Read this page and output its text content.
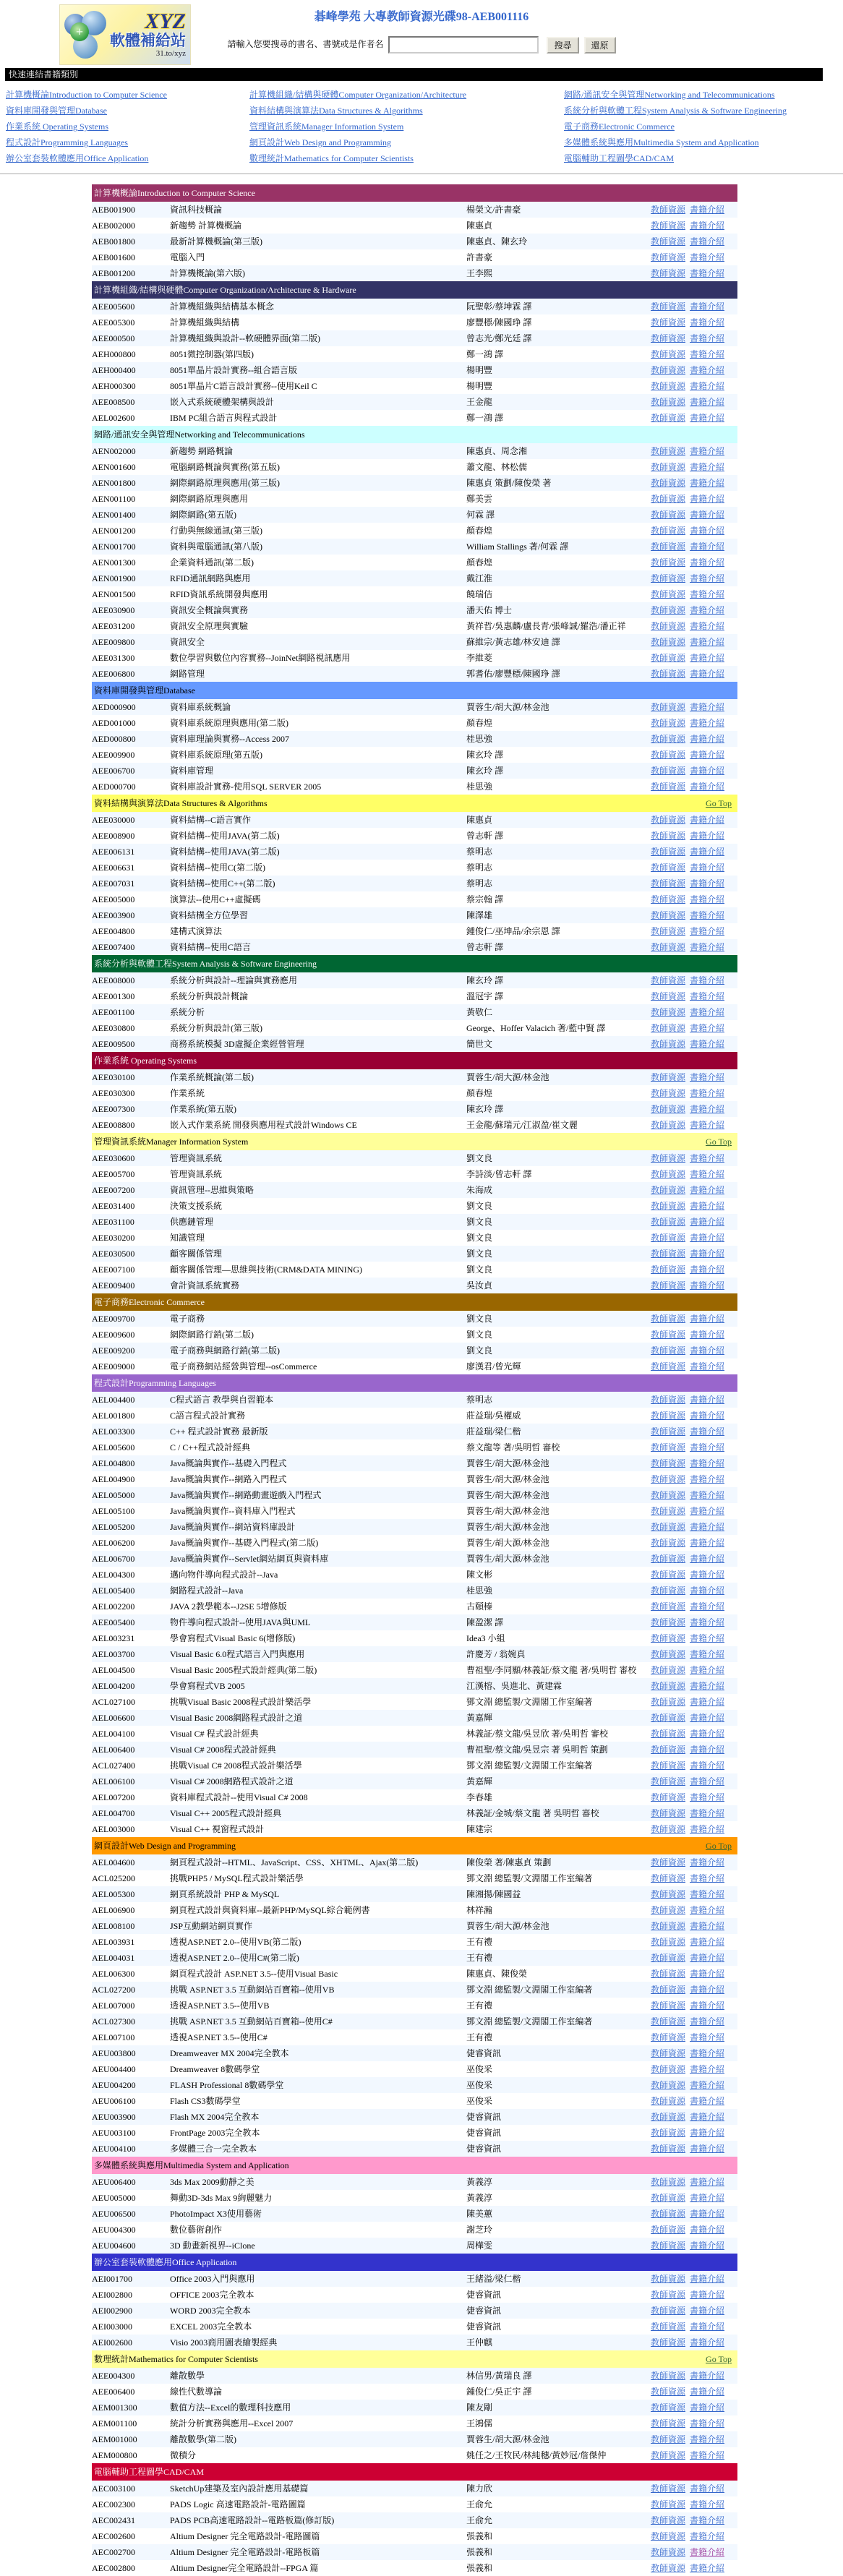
+	XYZ
軟體補給站
31.to/xyz
碁峰學苑 大專教師資源光碟98-AEB001116
請輸入您要搜尋的書名、書號或是作者名	搜尋 還原
快速連結書籍類別
計算機概論Introduction to Computer Science	計算機組織/結構與硬體Computer Organization/Architecture	網路/通訊安全與管理Networking and Telecommunications
資料庫開發與管理Database	資料結構與演算法Data Structures & Algorithms	系統分析與軟體工程System Analysis & Software Engineering
作業系統 Operating Systems	管理資訊系統Manager Information System	電子商務Electronic Commerce
程式設計Programming Languages	網頁設計Web Design and Programming	多媒體系統與應用Multimedia System and Application
辦公室套裝軟體應用Office Application	數理統計Mathematics for Computer Scientists	電腦輔助工程圖學CAD/CAM
計算機概論Introduction to Computer Science
AEB001900	資訊科技概論	楊榮文/許書豪	教師資源 書籍介紹
AEB002000	新趨勢 計算機概論	陳惠貞	教師資源 書籍介紹
AEB001800	最新計算機概論(第三版)	陳惠貞、陳玄玲	教師資源 書籍介紹
AEB001600	電腦入門	許書豪	教師資源 書籍介紹
AEB001200	計算機概論(第六版)	王李熙	教師資源 書籍介紹
計算機組織/結構與硬體Computer Organization/Architecture & Hardware
AEE005600	計算機組織與結構基本概念	阮聖彰/蔡坤霖 譯	教師資源 書籍介紹
AEE005300	計算機組織與結構	廖豐標/陳國琤 譯	教師資源 書籍介紹
AEE000500	計算機組織與設計--軟硬體界面(第二版)	曾志光/鄭光廷 譯	教師資源 書籍介紹
AEH000800	8051微控制器(第四版)	鄭一鴻 譯	教師資源 書籍介紹
AEH000400	8051單晶片設計實務--組合語言版	楊明豐	教師資源 書籍介紹
AEH000300	8051單晶片C語言設計實務--使用Keil C	楊明豐	教師資源 書籍介紹
AEE008500	嵌入式系統硬體架構與設計	王金龍	教師資源 書籍介紹
AEL002600	IBM PC組合語言與程式設計	鄭一鴻 譯	教師資源 書籍介紹
網路/通訊安全與管理Networking and Telecommunications
AEN002000	新趨勢 網路概論	陳惠貞、周念湘	教師資源 書籍介紹
AEN001600	電腦網路概論與實務(第五版)	蕭文龍、林松儒	教師資源 書籍介紹
AEN001800	網際網路原理與應用(第三版)	陳惠貞 策劃/陳俊榮 著	教師資源 書籍介紹
AEN001100	網際網路原理與應用	鄭美雲	教師資源 書籍介紹
AEN001400	網際網路(第五版)	何霖 譯	教師資源 書籍介紹
AEN001200	行動與無線通訊(第三版)	顏春煌	教師資源 書籍介紹
AEN001700	資料與電腦通訊(第八版)	William Stallings 著/何霖 譯	教師資源 書籍介紹
AEN001300	企業資料通訊(第二版)	顏春煌	教師資源 書籍介紹
AEN001900	RFID通訊網路與應用	戴江淮	教師資源 書籍介紹
AEN001500	RFID資訊系統開發與應用	饒瑞佶	教師資源 書籍介紹
AEE030900	資訊安全概論與實務	潘天佑 博士	教師資源 書籍介紹
AEE031200	資訊安全原理與實驗	黃祥哲/吳惠麟/盧長青/張峰誠/羅浩/潘正祥	教師資源 書籍介紹
AEE009800	資訊安全	蘇維宗/黃志雄/林安迪 譯	教師資源 書籍介紹
AEE031300	數位學習與數位內容實務--JoinNet網路視訊應用	李維菱	教師資源 書籍介紹
AEE006800	網路管理	郭耆佑/廖豐標/陳國琤 譯	教師資源 書籍介紹
資料庫開發與管理Database
AED000900	資料庫系統概論	賈蓉生/胡大源/林金池	教師資源 書籍介紹
AED001000	資料庫系統原理與應用(第二版)	顏春煌	教師資源 書籍介紹
AED000800	資料庫理論與實務--Access 2007	桂思強	教師資源 書籍介紹
AEE009900	資料庫系統原理(第五版)	陳玄玲 譯	教師資源 書籍介紹
AEE006700	資料庫管理	陳玄玲 譯	教師資源 書籍介紹
AED000700	資料庫設計實務-使用SQL SERVER 2005	桂思強	教師資源 書籍介紹
資料結構與演算法Data Structures & Algorithms	Go Top
AEE030000	資料結構--C語言實作	陳惠貞	教師資源 書籍介紹
AEE008900	資料結構--使用JAVA(第二版)	曾志軒 譯	教師資源 書籍介紹
AEE006131	資料結構--使用JAVA(第二版)	蔡明志	教師資源 書籍介紹
AEE006631	資料結構--使用C(第二版)	蔡明志	教師資源 書籍介紹
AEE007031	資料結構--使用C++(第二版)	蔡明志	教師資源 書籍介紹
AEE005000	演算法--使用C++虛擬碼	蔡宗翰 譯	教師資源 書籍介紹
AEE003900	資料結構全方位學習	陳澤雄	教師資源 書籍介紹
AEE004800	建構式演算法	鍾俊仁/巫坤品/余宗恩 譯	教師資源 書籍介紹
AEE007400	資料結構--使用C語言	曾志軒 譯	教師資源 書籍介紹
系統分析與軟體工程System Analysis & Software Engineering
AEE008000	系統分析與設計--理論與實務應用	陳玄玲 譯	教師資源 書籍介紹
AEE001300	系統分析與設計概論	溫冠宇 譯	教師資源 書籍介紹
AEE001100	系統分析	黃敬仁	教師資源 書籍介紹
AEE030800	系統分析與設計(第三版)	George、Hoffer Valacich 著/藍中賢 譯	教師資源 書籍介紹
AEE009500	商務系統模擬 3D虛擬企業經營管理	簡世文	教師資源 書籍介紹
作業系統 Operating Systems
AEE030100	作業系統概論(第二版)	賈蓉生/胡大源/林金池	教師資源 書籍介紹
AEE030300	作業系統	顏春煌	教師資源 書籍介紹
AEE007300	作業系統(第五版)	陳玄玲 譯	教師資源 書籍介紹
AEE008800	嵌入式作業系統 開發與應用程式設計Windows CE	王金龍/蘇瑞元/江淑盈/崔文麗	教師資源 書籍介紹
管理資訊系統Manager Information System	Go Top
AEE030600	管理資訊系統	劉文良	教師資源 書籍介紹
AEE005700	管理資訊系統	李詩淡/曾志軒 譯	教師資源 書籍介紹
AEE007200	資訊管理--思維與策略	朱海成	教師資源 書籍介紹
AEE031400	決策支援系統	劉文良	教師資源 書籍介紹
AEE031100	供應鏈管理	劉文良	教師資源 書籍介紹
AEE030200	知識管理	劉文良	教師資源 書籍介紹
AEE030500	顧客關係管理	劉文良	教師資源 書籍介紹
AEE007100	顧客關係管理—思維與技術(CRM&DATA MINING)	劉文良	教師資源 書籍介紹
AEE009400	會計資訊系統實務	吳汝貞	教師資源 書籍介紹
電子商務Electronic Commerce
AEE009700	電子商務	劉文良	教師資源 書籍介紹
AEE009600	網際網路行銷(第二版)	劉文良	教師資源 書籍介紹
AEE009200	電子商務與網路行銷(第二版)	劉文良	教師資源 書籍介紹
AEE009000	電子商務網站經營與管理--osCommerce	廖漢君/曾光輝	教師資源 書籍介紹
程式設計Programming Languages
AEL004400	C程式語言 教學與自習範本	蔡明志	教師資源 書籍介紹
AEL001800	C語言程式設計實務	莊益瑞/吳權威	教師資源 書籍介紹
AEL003300	C++ 程式設計實務 最新版	莊益瑞/梁仁楷	教師資源 書籍介紹
AEL005600	C / C++程式設計經典	蔡文龍等 著/吳明哲 審校	教師資源 書籍介紹
AEL004800	Java概論與實作--基礎入門程式	賈蓉生/胡大源/林金池	教師資源 書籍介紹
AEL004900	Java概論與實作--網路入門程式	賈蓉生/胡大源/林金池	教師資源 書籍介紹
AEL005000	Java概論與實作--網路動畫遊戲入門程式	賈蓉生/胡大源/林金池	教師資源 書籍介紹
AEL005100	Java概論與實作--資料庫入門程式	賈蓉生/胡大源/林金池	教師資源 書籍介紹
AEL005200	Java概論與實作--網站資料庫設計	賈蓉生/胡大源/林金池	教師資源 書籍介紹
AEL006200	Java概論與實作--基礎入門程式(第二版)	賈蓉生/胡大源/林金池	教師資源 書籍介紹
AEL006700	Java概論與實作--Servlet網站網頁與資料庫	賈蓉生/胡大源/林金池	教師資源 書籍介紹
AEL004300	邁向物件導向程式設計--Java	陳文彬	教師資源 書籍介紹
AEL005400	網路程式設計--Java	桂思強	教師資源 書籍介紹
AEL002200	JAVA 2教學範本--J2SE 5增修版	古頤榛	教師資源 書籍介紹
AEE005400	物件導向程式設計--使用JAVA與UML	陳盈潔 譯	教師資源 書籍介紹
AEL003231	學會寫程式Visual Basic 6(增修版)	Idea3 小組	教師資源 書籍介紹
AEL003700	Visual Basic 6.0程式語言入門與應用	許慶芳 / 翁婉真	教師資源 書籍介紹
AEL004500	Visual Basic 2005程式設計經典(第二版)	曹祖聖/李同顯/林義証/蔡文龍 著/吳明哲 審校	教師資源 書籍介紹
AEL004200	學會寫程式VB 2005	江漢榕、吳進北、黃建霖	教師資源 書籍介紹
ACL027100	挑戰Visual Basic 2008程式設計樂活學	鄧文淵 總監製/文淵閣工作室編著	教師資源 書籍介紹
AEL006600	Visual Basic 2008網路程式設計之道	黃嘉輝	教師資源 書籍介紹
AEL004100	Visual C# 程式設計經典	林義証/蔡文龍/吳昱欣 著/吳明哲 審校	教師資源 書籍介紹
AEL006400	Visual C# 2008程式設計經典	曹祖聖/蔡文龍/吳昱宗 著 吳明哲 策劃	教師資源 書籍介紹
ACL027400	挑戰Visual C# 2008程式設計樂活學	鄧文淵 總監製/文淵閣工作室編著	教師資源 書籍介紹
AEL006100	Visual C# 2008網路程式設計之道	黃嘉輝	教師資源 書籍介紹
AEL007200	資料庫程式設計--使用Visual C# 2008	李春雄	教師資源 書籍介紹
AEL004700	Visual C++ 2005程式設計經典	林義証/金城/蔡文龍 著 吳明哲 審校	教師資源 書籍介紹
AEL003000	Visual C++ 視窗程式設計	陳建宗	教師資源 書籍介紹
網頁設計Web Design and Programming	Go Top
AEL004600	網頁程式設計--HTML、JavaScript、CSS、XHTML、Ajax(第二版)	陳俊榮 著/陳惠貞 策劃	教師資源 書籍介紹
ACL025200	挑戰PHP5 / MySQL程式設計樂活學	鄧文淵 總監製/文淵閣工作室編著	教師資源 書籍介紹
AEL005300	網頁系統設計 PHP & MySQL	陳湘揚/陳國益	教師資源 書籍介紹
AEL006900	網頁程式設計與資料庫--最新PHP/MySQL綜合範例書	林祥瀚	教師資源 書籍介紹
AEL008100	JSP互動網站網頁實作	賈蓉生/胡大源/林金池	教師資源 書籍介紹
AEL003931	透視ASP.NET 2.0--使用VB(第二版)	王有禮	教師資源 書籍介紹
AEL004031	透視ASP.NET 2.0--使用C#(第二版)	王有禮	教師資源 書籍介紹
AEL006300	網頁程式設計 ASP.NET 3.5--使用Visual Basic	陳惠貞、陳俊榮	教師資源 書籍介紹
ACL027200	挑戰 ASP.NET 3.5 互動網站百寶箱--使用VB	鄧文淵 總監製/文淵閣工作室編著	教師資源 書籍介紹
AEL007000	透視ASP.NET 3.5--使用VB	王有禮	教師資源 書籍介紹
ACL027300	挑戰 ASP.NET 3.5 互動網站百寶箱--使用C#	鄧文淵 總監製/文淵閣工作室編著	教師資源 書籍介紹
AEL007100	透視ASP.NET 3.5--使用C#	王有禮	教師資源 書籍介紹
AEU003800	Dreamweaver MX 2004完全教本	倢睿資訊	教師資源 書籍介紹
AEU004400	Dreamweaver 8數碼學堂	巫俊采	教師資源 書籍介紹
AEU004200	FLASH Professional 8數碼學堂	巫俊采	教師資源 書籍介紹
AEU006100	Flash CS3數碼學堂	巫俊采	教師資源 書籍介紹
AEU003900	Flash MX 2004完全教本	倢睿資訊	教師資源 書籍介紹
AEU003100	FrontPage 2003完全教本	倢睿資訊	教師資源 書籍介紹
AEU004100	多媒體三合一完全教本	倢睿資訊	教師資源 書籍介紹
多媒體系統與應用Multimedia System and Application
AEU006400	3ds Max 2009動靜之美	黃義淳	教師資源 書籍介紹
AEU005000	舞動3D-3ds Max 9絢麗魅力	黃義淳	教師資源 書籍介紹
AEU006500	PhotoImpact X3使用藝術	陳美蕙	教師資源 書籍介紹
AEU004300	數位藝術創作	謝芝玲	教師資源 書籍介紹
AEU004600	3D 動畫新視界--iClone	周樺雯	教師資源 書籍介紹
辦公室套裝軟體應用Office Application
AEI001700	Office 2003入門與應用	王緒溢/梁仁楷	教師資源 書籍介紹
AEI002800	OFFICE 2003完全教本	倢睿資訊	教師資源 書籍介紹
AEI002900	WORD 2003完全教本	倢睿資訊	教師資源 書籍介紹
AEI003000	EXCEL 2003完全教本	倢睿資訊	教師資源 書籍介紹
AEI002600	Visio 2003商用圖表繪製經典	王仲麒	教師資源 書籍介紹
數理統計Mathematics for Computer Scientists	Go Top
AEE004300	離散數學	林信男/黃瑞良 譯	教師資源 書籍介紹
AEE006400	線性代數導論	鍾俊仁/吳正宇 譯	教師資源 書籍介紹
AEM001300	數值方法--Excel的數理科技應用	陳友剛	教師資源 書籍介紹
AEM001100	統計分析實務與應用--Excel 2007	王鴻儒	教師資源 書籍介紹
AEM001000	離散數學(第二版)	賈蓉生/胡大源/林金池	教師資源 書籍介紹
AEM000800	微積分	姚任之/王牧民/林純穗/黃妙冠/詹傑仲	教師資源 書籍介紹
電腦輔助工程圖學CAD/CAM
AEC003100	SketchUp建築及室內設計應用基礎篇	陳力欣	教師資源 書籍介紹
AEC002300	PADS Logic 高速電路設計-電路圖篇	王俞允	教師資源 書籍介紹
AEC002431	PADS PCB高速電路設計--電路板篇(修訂版)	王俞允	教師資源 書籍介紹
AEC002600	Altium Designer 完全電路設計-電路圖篇	張義和	教師資源 書籍介紹
AEC002700	Altium Designer 完全電路設計-電路板篇	張義和	教師資源 書籍介紹
AEC002800	Altium Designer完全電路設計--FPGA 篇	張義和	教師資源 書籍介紹
